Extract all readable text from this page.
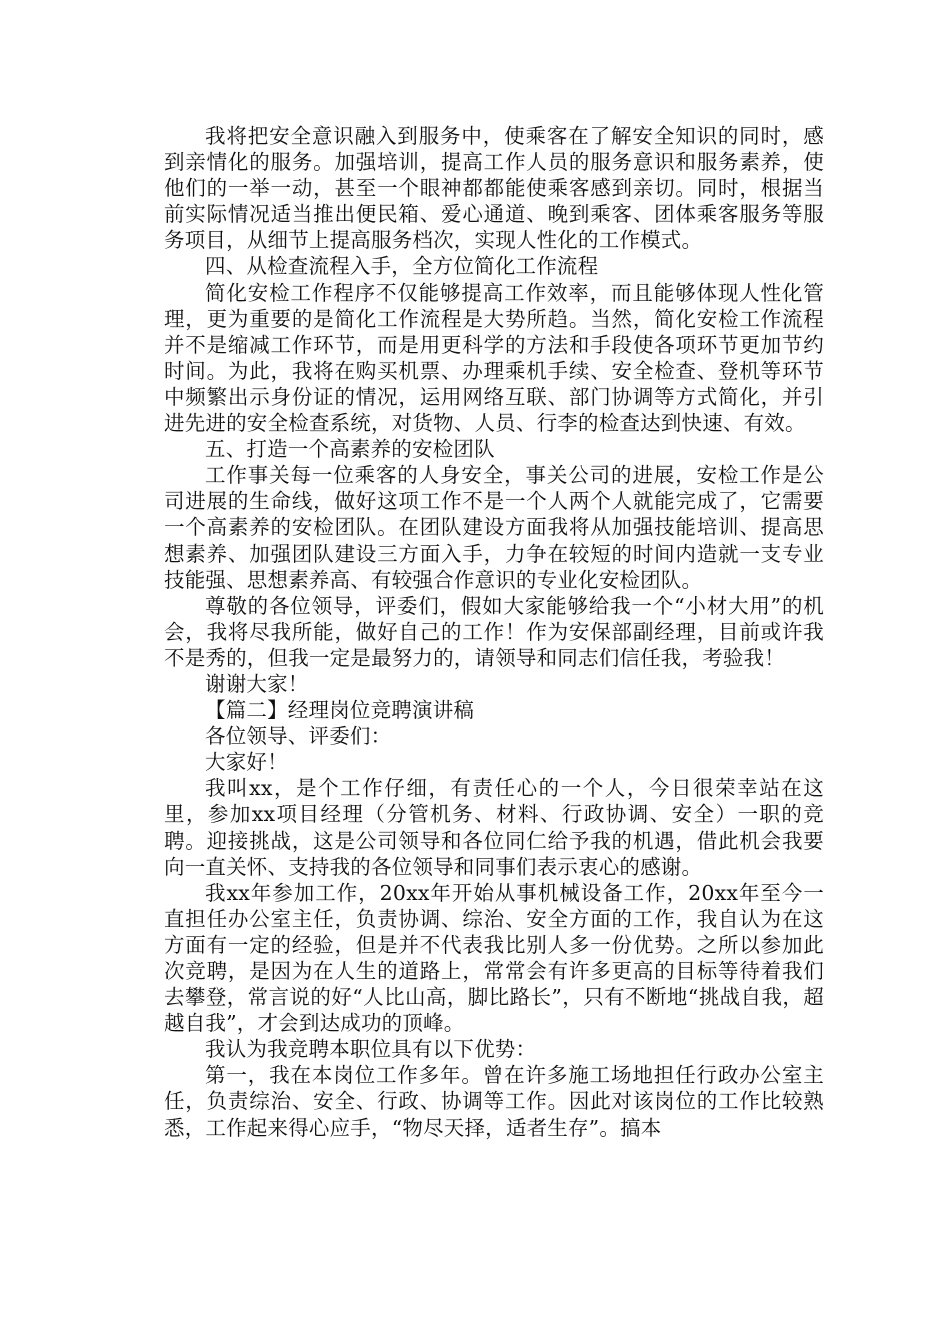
我将把安全意识融入到服务中，使乘客在了解安全知识的同时，感到亲情化的服务。加强培训，提高工作人员的服务意识和服务素养，使他们的一举一动，甚至一个眼神都都能使乘客感到亲切。同时，根据当前实际情况适当推出便民箱、爱心通道、晚到乘客、团体乘客服务等服务项目，从细节上提高服务档次，实现人性化的工作模式。

四、从检查流程入手，全方位简化工作流程

简化安检工作程序不仅能够提高工作效率，而且能够体现人性化管理，更为重要的是简化工作流程是大势所趋。当然，简化安检工作流程并不是缩减工作环节，而是用更科学的方法和手段使各项环节更加节约时间。为此，我将在购买机票、办理乘机手续、安全检查、登机等环节中频繁出示身份证的情况，运用网络互联、部门协调等方式简化，并引进先进的安全检查系统，对货物、人员、行李的检查达到快速、有效。

五、打造一个高素养的安检团队

工作事关每一位乘客的人身安全，事关公司的进展，安检工作是公司进展的生命线，做好这项工作不是一个人两个人就能完成了，它需要一个高素养的安检团队。在团队建设方面我将从加强技能培训、提高思想素养、加强团队建设三方面入手，力争在较短的时间内造就一支专业技能强、思想素养高、有较强合作意识的专业化安检团队。

尊敬的各位领导，评委们，假如大家能够给我一个“小材大用”的机会，我将尽我所能，做好自己的工作！作为安保部副经理，目前或许我不是秀的，但我一定是最努力的，请领导和同志们信任我，考验我！

谢谢大家！

【篇二】经理岗位竞聘演讲稿

各位领导、评委们：

大家好！

我叫xx，是个工作仔细，有责任心的一个人，今日很荣幸站在这里，参加xx项目经理（分管机务、材料、行政协调、安全）一职的竞聘。迎接挑战，这是公司领导和各位同仁给予我的机遇，借此机会我要向一直关怀、支持我的各位领导和同事们表示衷心的感谢。

我xx年参加工作，20xx年开始从事机械设备工作，20xx年至今一直担任办公室主任，负责协调、综治、安全方面的工作，我自认为在这方面有一定的经验，但是并不代表我比别人多一份优势。之所以参加此次竞聘，是因为在人生的道路上，常常会有许多更高的目标等待着我们去攀登，常言说的好“人比山高，脚比路长”，只有不断地“挑战自我，超越自我”，才会到达成功的顶峰。

我认为我竞聘本职位具有以下优势：

第一，我在本岗位工作多年。曾在许多施工场地担任行政办公室主任，负责综治、安全、行政、协调等工作。因此对该岗位的工作比较熟悉，工作起来得心应手，“物尽天择，适者生存”。搞本
